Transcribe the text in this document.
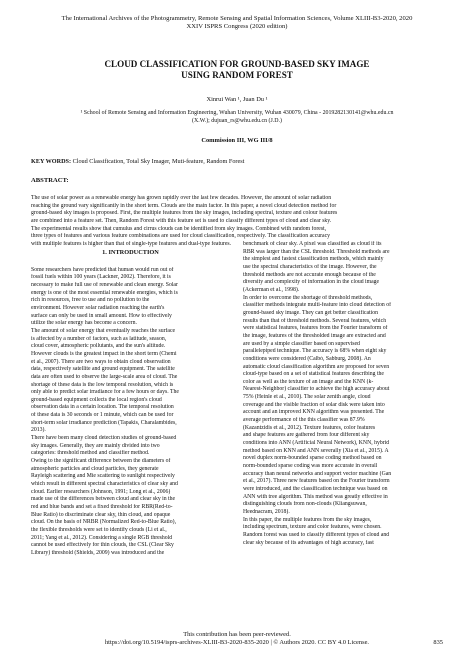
The International Archives of the Photogrammetry, Remote Sensing and Spatial Information Sciences, Volume XLIII-B3-2020, 2020
XXIV ISPRS Congress (2020 edition)
CLOUD CLASSIFICATION FOR GROUND-BASED SKY IMAGE
USING RANDOM FOREST
Xinrui Wan ¹, Juan Du ¹
¹ School of Remote Sensing and Information Engineering, Wuhan University, Wuhan 430079, China - 2019282130141@whu.edu.cn
(X.W.); dujuan_rs@whu.edu.cn (J.D.)
Commission III, WG III/8
KEY WORDS: Cloud Classification, Total Sky Imager, Muti-feature, Random Forest
ABSTRACT:
The use of solar power as a renewable energy has grown rapidly over the last few decades. However, the amount of solar radiation
reaching the ground vary significantly in the short term. Clouds are the main factor. In this paper, a novel cloud detection method for
ground-based sky images is proposed. First, the multiple features from the sky images, including spectral, texture and colour features
are combined into a feature set. Then, Random Forest with this feature set is used to classify different types of cloud and clear sky.
The experimental results show that cumulus and cirrus clouds can be identified from sky images. Combined with random forest,
three types of features and various feature combinations are used for cloud classification, respectively. The classification accuracy
with multiple features is higher than that of single-type features and dual-type features.
1. INTRODUCTION
Some researchers have predicted that human would run out of
fossil fuels within 100 years (Lackner, 2002). Therefore, it is
necessary to make full use of renewable and clean energy. Solar
energy is one of the most essential renewable energies, which is
rich in resources, free to use and no pollution to the
environment. However solar radiation reaching the earth's
surface can only be used in small amount. How to effectively
utilize the solar energy has become a concern.
The amount of solar energy that eventually reaches the surface
is affected by a number of factors, such as latitude, season,
cloud cover, atmospheric pollutants, and the sun's altitude.
However clouds is the greatest impact in the short term (Chemi
et al., 2007). There are two ways to obtain cloud observation
data, respectively satellite and ground equipment. The satellite
data are often used to observe the large-scale area of cloud. The
shortage of these data is the low temporal resolution, which is
only able to predict solar irradiance for a few hours or days. The
ground-based equipment collects the local region's cloud
observation data in a certain location. The temporal resolution
of these data is 30 seconds or 1 minute, which can be used for
short-term solar irradiance prediction (Tapakis, Charalambides,
2013).
There have been many cloud detection studies of ground-based
sky images. Generally, they are mainly divided into two
categories: threshold method and classifier method.
Owing to the significant difference between the diameters of
atmospheric particles and cloud particles, they generate
Rayleigh scattering and Mie scattering to sunlight respectively
which result in different spectral characteristics of clear sky and
cloud. Earlier researchers (Johnson, 1991; Long et al., 2006)
made use of the differences between cloud and clear sky in the
red and blue bands and set a fixed threshold for RBR(Red-to-
Blue Ratio) to discriminate clear sky, thin cloud, and opaque
cloud. On the basis of NRBR (Normalized Red-to-Blue Ratio),
the flexible thresholds were set to identify clouds (Li et al.,
2011; Yang et al., 2012). Considering a single RGB threshold
cannot be used effectively for thin clouds, the CSL (Clear Sky
Library) threshold (Shields, 2009) was introduced and the
benchmark of clear sky. A pixel was classified as cloud if its
RBR was larger than the CSL threshold. Threshold methods are
the simplest and fastest classification methods, which mainly
use the spectral characteristics of the image. However, the
threshold methods are not accurate enough because of the
diversity and complexity of information in the cloud image
(Ackerman et al., 1998).
In order to overcome the shortage of threshold methods,
classifier methods integrate multi-feature into cloud detection of
ground-based sky image. They can get better classification
results than that of threshold methods. Several features, which
were statistical features, features from the Fourier transform of
the image, features of the thresholded image are extracted and
are used by a simple classifier based on supervised
parallelepiped technique. The accuracy is 68% when eight sky
conditions were considered (Calbó, Sabburg, 2008). An
automatic cloud classification algorithm are proposed for seven
cloud-type based on a set of statistical features describing the
color as well as the texture of an image and the KNN (k-
Nearest-Neighbor) classifier to achieve the high accuracy about
75% (Heinle et al., 2010). The solar zenith angle, cloud
coverage and the visible fraction of solar disk were taken into
account and an improved KNN algorithm was presented. The
average performance of the this classifier was 87.9%
(Kazantzidis et al., 2012). Texture features, color features
and shape features are gathered from four different sky
conditions into ANN (Artificial Neural Network), KNN, hybrid
method based on KNN and ANN severally (Xia et al., 2015). A
novel duplex norm-bounded sparse coding method based on
norm-bounded sparse coding was more accurate in overall
accuracy than neural networks and support vector machine (Gan
et al., 2017). Three new features based on the Fourier transform
were introduced, and the classification technique was based on
ANN with tree algorithm. This method was greatly effective in
distinguishing clouds from non-clouds (Kliangsuwan,
Heednacram, 2018).
In this paper, the multiple features from the sky images,
including spectrum, texture and color features, were chosen.
Random forest was used to classify different types of cloud and
clear sky because of its advantages of high accuracy, fast
This contribution has been peer-reviewed.
https://doi.org/10.5194/isprs-archives-XLIII-B3-2020-835-2020 | © Authors 2020. CC BY 4.0 License.	835
